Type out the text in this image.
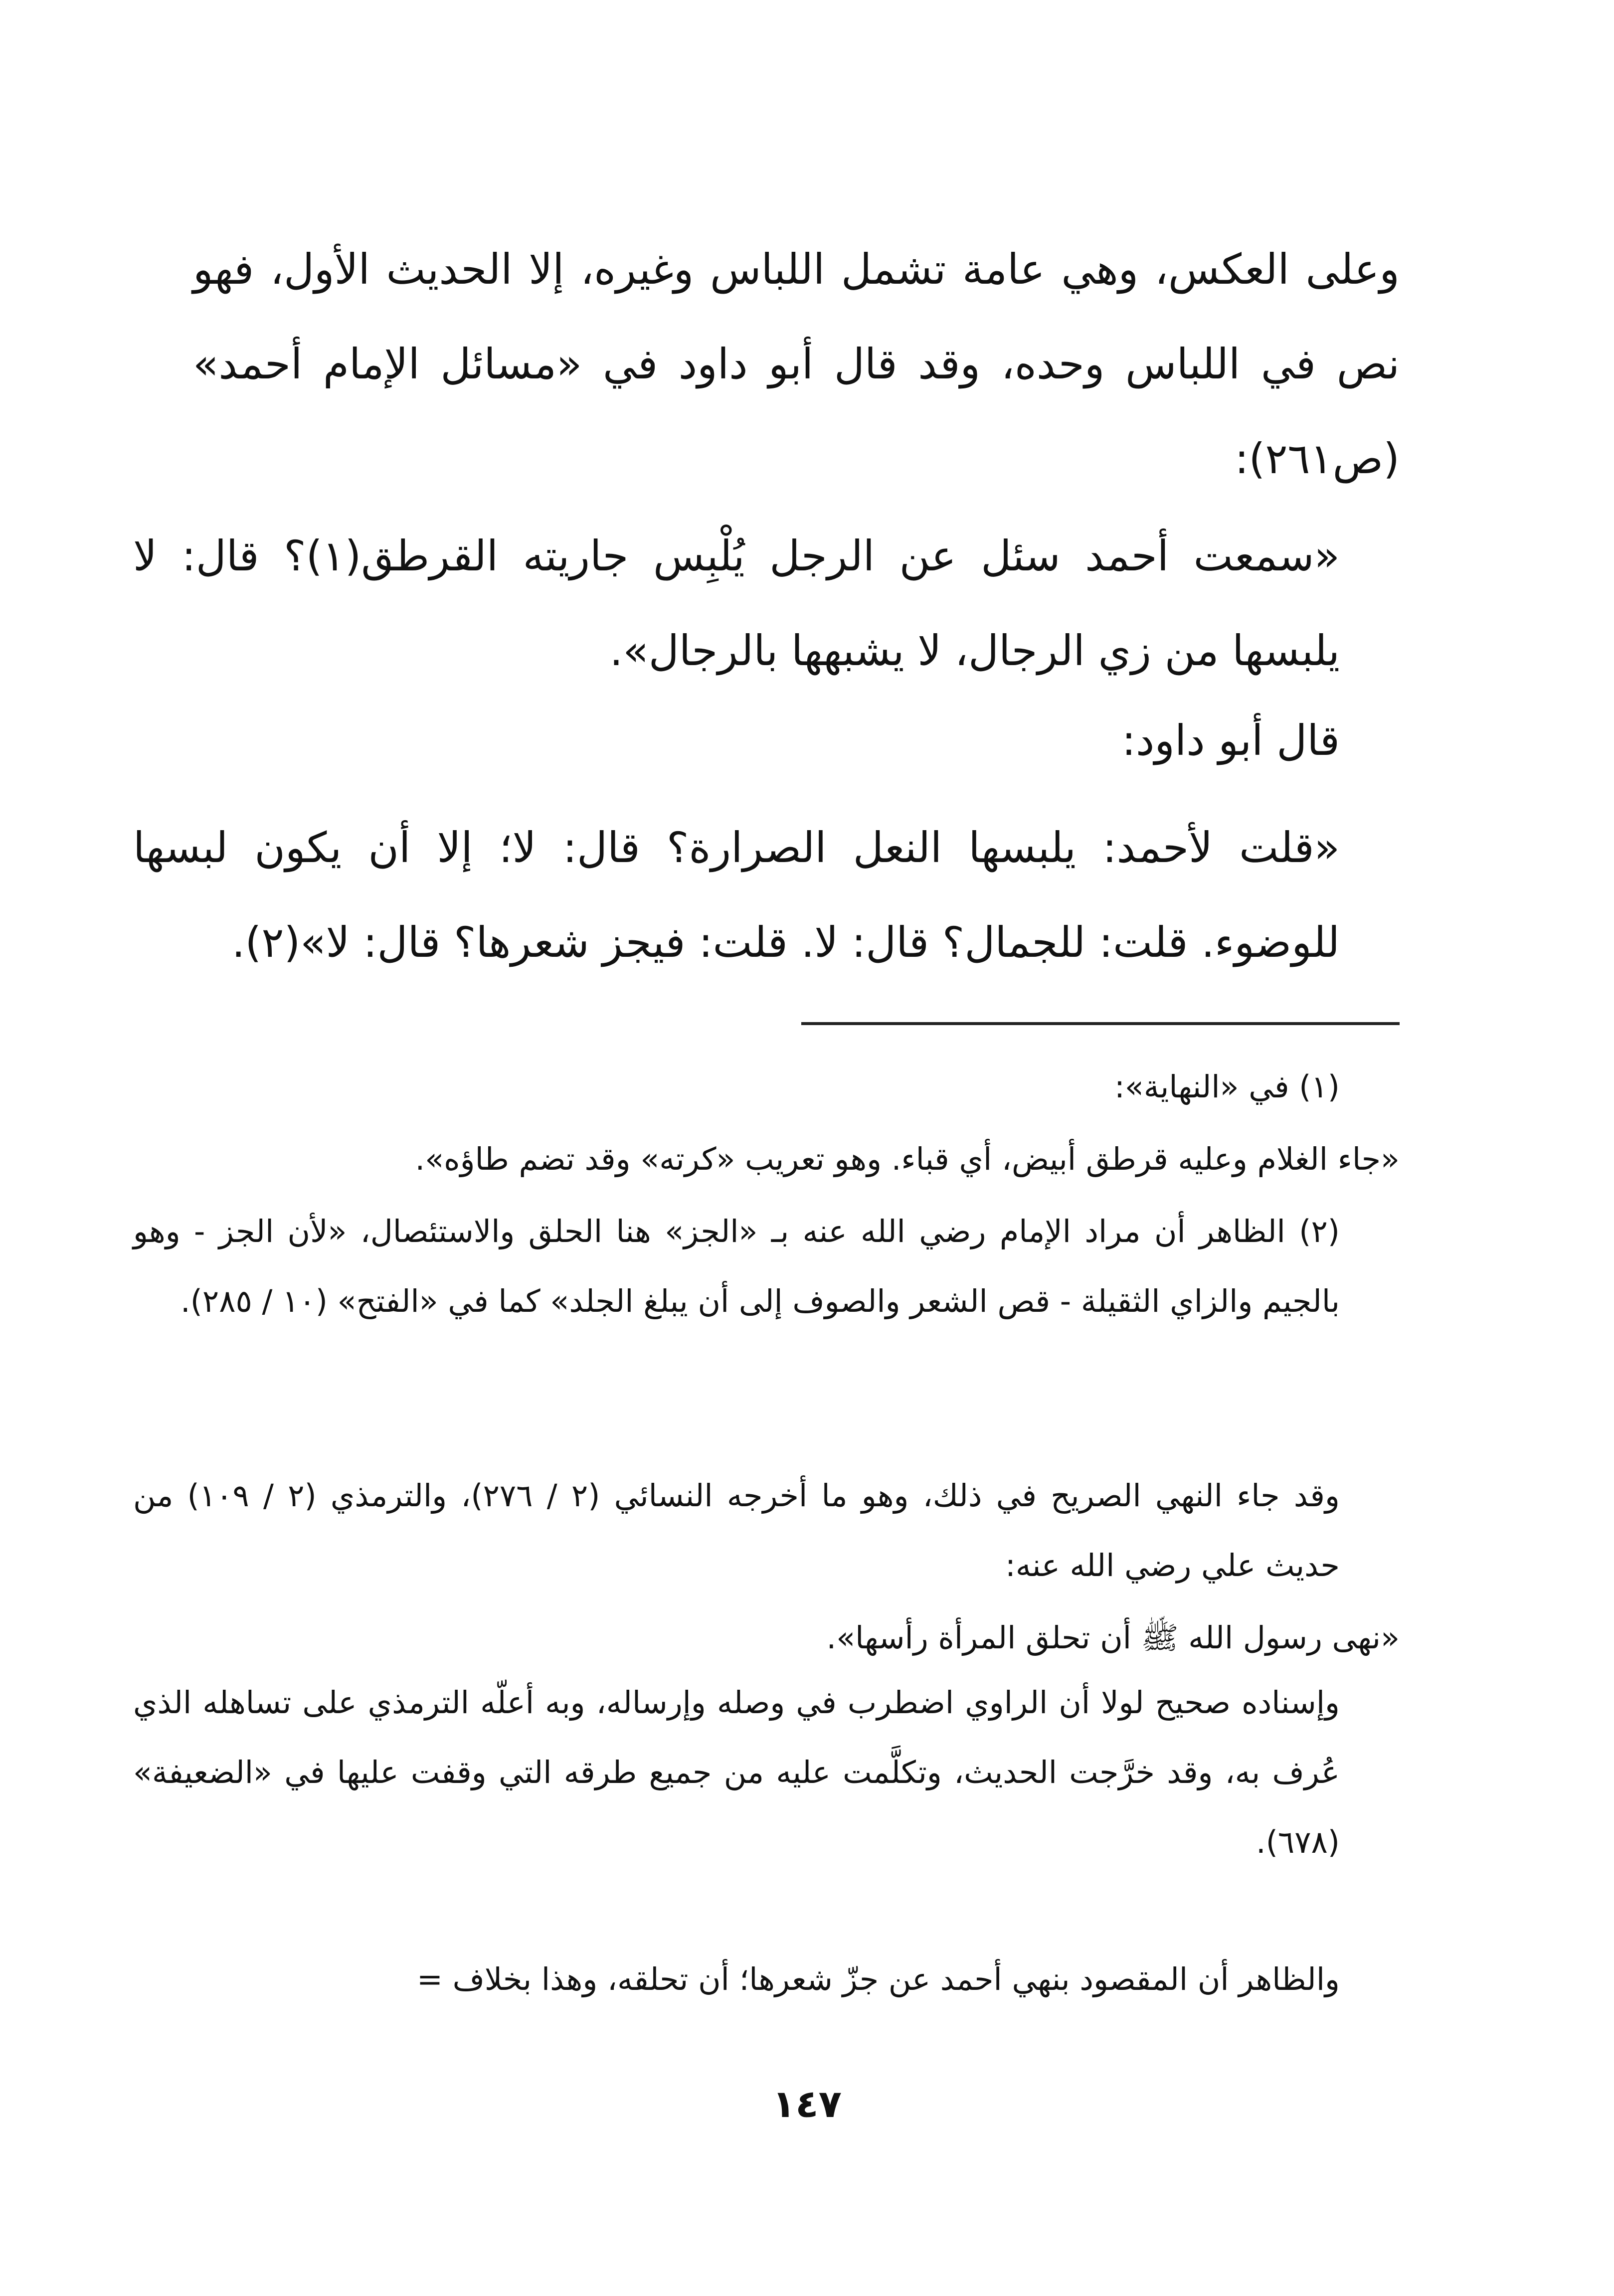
وعلى العكس، وهي عامة تشمل اللباس وغيره، إلا الحديث الأول، فهو نص في اللباس وحده، وقد قال أبو داود في «مسائل الإمام أحمد» (ص٢٦١):

«سمعت أحمد سئل عن الرجل يُلْبِس جاريته القرطق(١)؟ قال: لا يلبسها من زي الرجال، لا يشبهها بالرجال».

قال أبو داود:

«قلت لأحمد: يلبسها النعل الصرارة؟ قال: لا؛ إلا أن يكون لبسها للوضوء. قلت: للجمال؟ قال: لا. قلت: فيجز شعرها؟ قال: لا»(٢).

(١) في «النهاية»:

«جاء الغلام وعليه قرطق أبيض، أي قباء. وهو تعريب «كرته» وقد تضم طاؤه».

(٢) الظاهر أن مراد الإمام رضي الله عنه بـ «الجز» هنا الحلق والاستئصال، «لأن الجز - وهو بالجيم والزاي الثقيلة - قص الشعر والصوف إلى أن يبلغ الجلد» كما في «الفتح» (١٠ / ٢٨٥).

وقد جاء النهي الصريح في ذلك، وهو ما أخرجه النسائي (٢ / ٢٧٦)، والترمذي (٢ / ١٠٩) من حديث علي رضي الله عنه:

«نهى رسول الله ﷺ أن تحلق المرأة رأسها».

وإسناده صحيح لولا أن الراوي اضطرب في وصله وإرساله، وبه أعلّه الترمذي على تساهله الذي عُرف به، وقد خرَّجت الحديث، وتكلَّمت عليه من جميع طرقه التي وقفت عليها في «الضعيفة» (٦٧٨).

والظاهر أن المقصود بنهي أحمد عن جزّ شعرها؛ أن تحلقه، وهذا بخلاف =

١٤٧
